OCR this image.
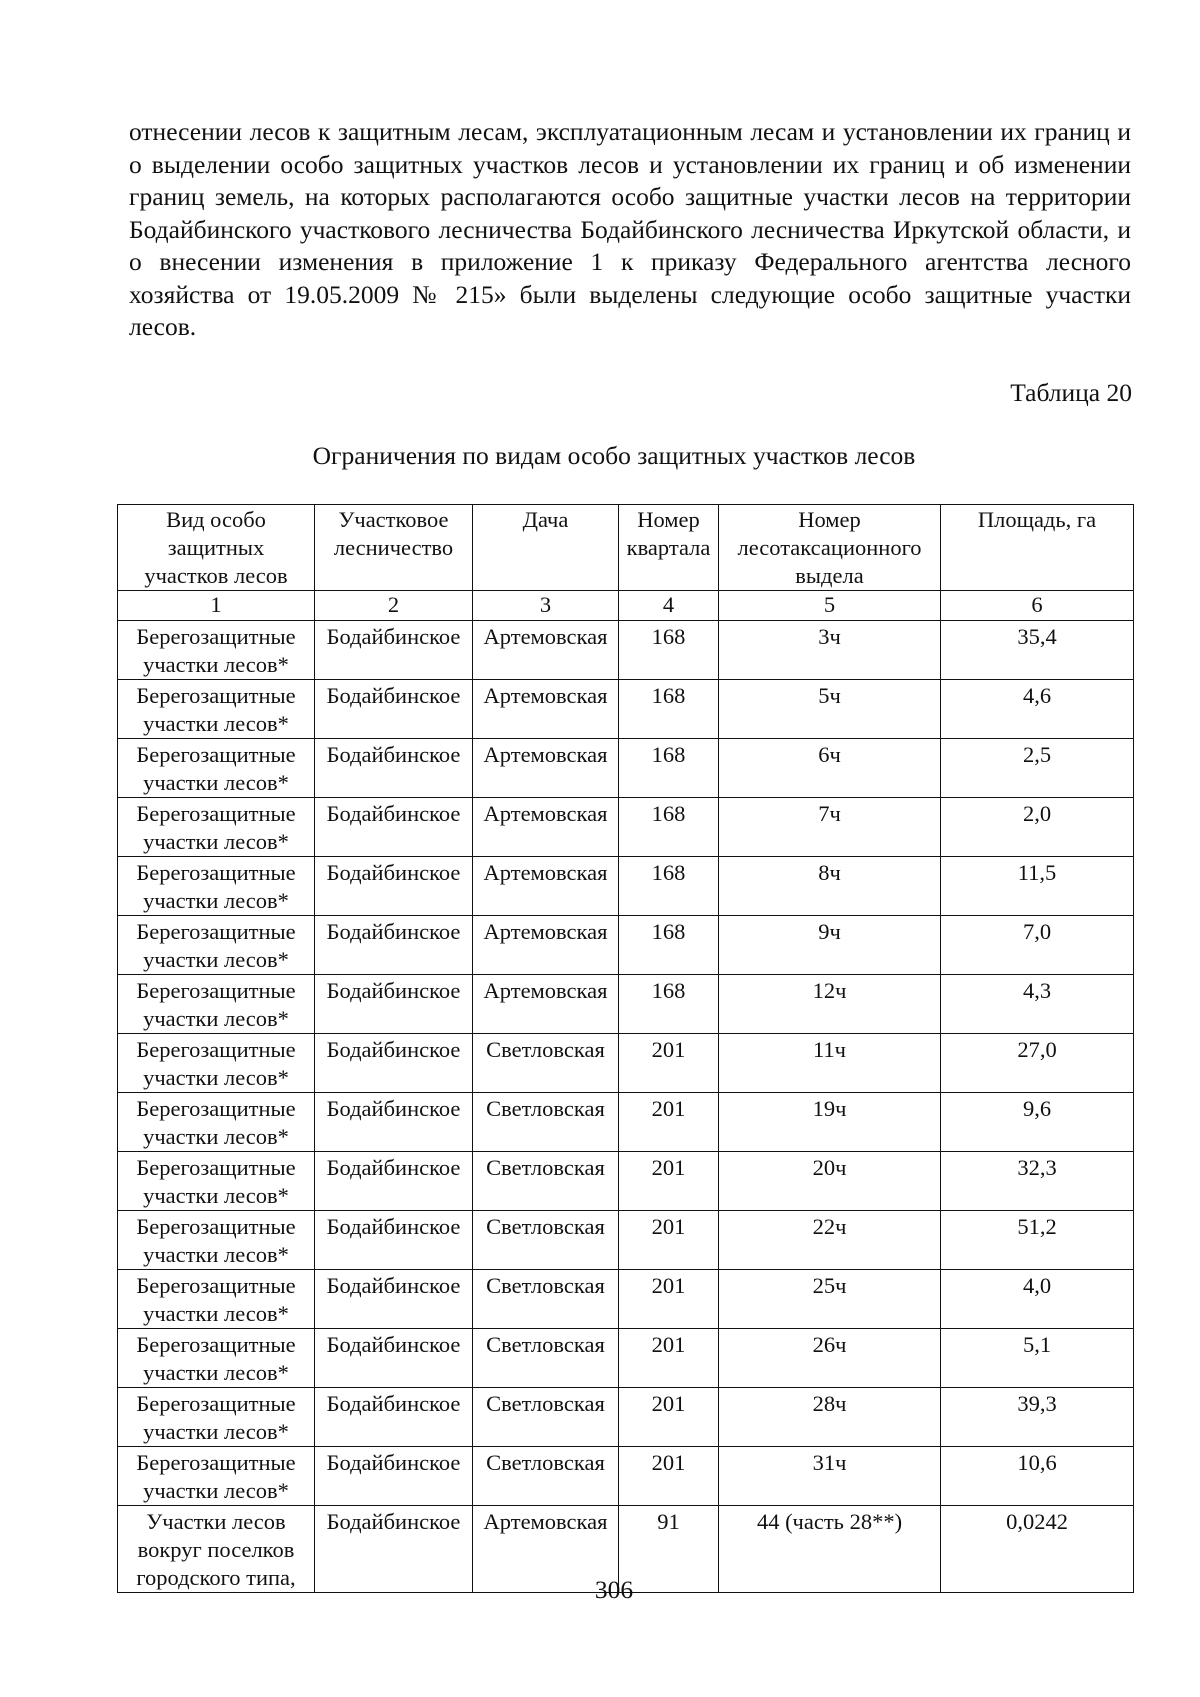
отнесении лесов к защитным лесам, эксплуатационным лесам и установлении их границ и о выделении особо защитных участков лесов и установлении их границ и об изменении границ земель, на которых располагаются особо защитные участки лесов на территории Бодайбинского участкового лесничества Бодайбинского лесничества Иркутской области, и о внесении изменения в приложение 1 к приказу Федерального агентства лесного хозяйства от 19.05.2009 № 215» были выделены следующие особо защитные участки лесов.

Таблица 20

Ограничения по видам особо защитных участков лесов

Вид особо защитных участков лесов	Участковое лесничество	Дача	Номер квартала	Номер лесотаксационного выдела	Площадь, га
1	2	3	4	5	6
Берегозащитные участки лесов*	Бодайбинское	Артемовская	168	3ч	35,4
Берегозащитные участки лесов*	Бодайбинское	Артемовская	168	5ч	4,6
Берегозащитные участки лесов*	Бодайбинское	Артемовская	168	6ч	2,5
Берегозащитные участки лесов*	Бодайбинское	Артемовская	168	7ч	2,0
Берегозащитные участки лесов*	Бодайбинское	Артемовская	168	8ч	11,5
Берегозащитные участки лесов*	Бодайбинское	Артемовская	168	9ч	7,0
Берегозащитные участки лесов*	Бодайбинское	Артемовская	168	12ч	4,3
Берегозащитные участки лесов*	Бодайбинское	Светловская	201	11ч	27,0
Берегозащитные участки лесов*	Бодайбинское	Светловская	201	19ч	9,6
Берегозащитные участки лесов*	Бодайбинское	Светловская	201	20ч	32,3
Берегозащитные участки лесов*	Бодайбинское	Светловская	201	22ч	51,2
Берегозащитные участки лесов*	Бодайбинское	Светловская	201	25ч	4,0
Берегозащитные участки лесов*	Бодайбинское	Светловская	201	26ч	5,1
Берегозащитные участки лесов*	Бодайбинское	Светловская	201	28ч	39,3
Берегозащитные участки лесов*	Бодайбинское	Светловская	201	31ч	10,6
Участки лесов вокруг поселков городского типа,	Бодайбинское	Артемовская	91	44 (часть 28**)	0,0242

306
